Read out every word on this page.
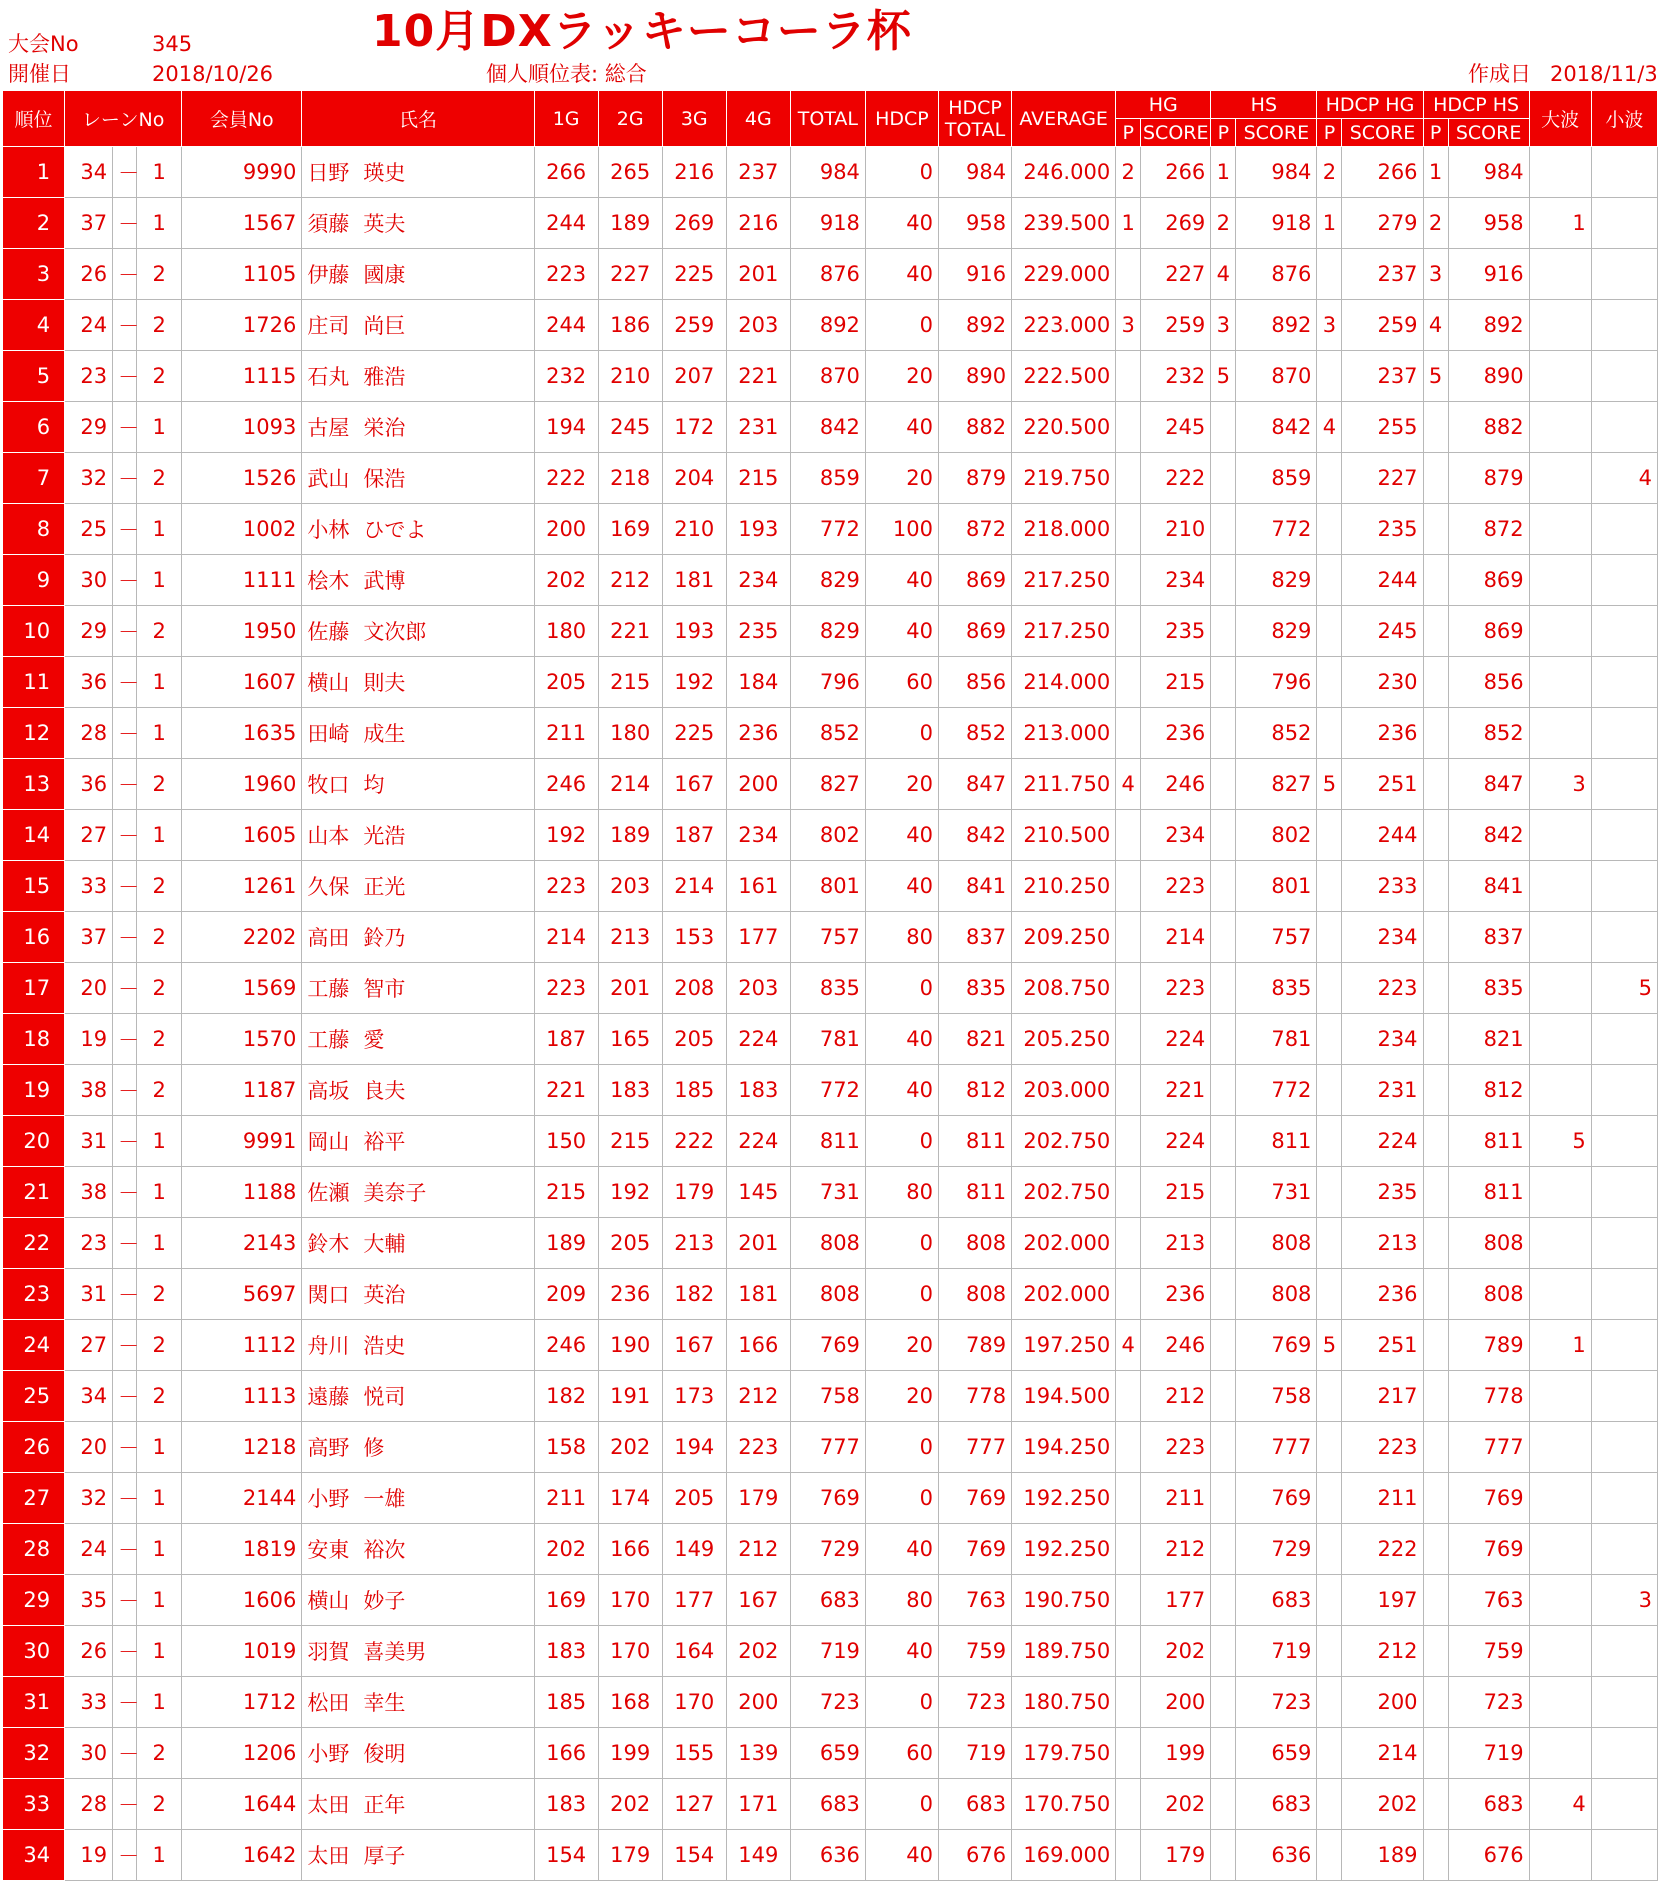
大会No	345
開催日	2018/10/26
10月DXラッキーコーラ杯
個人順位表: 総合	作成日 2018/11/3
順位	レーンNo			会員No	氏名	1G	2G	3G	4G	TOTAL	HDCP	HDCP
TOTAL	AVERAGE	HG		HS		HDCP HG		HDCP HS		大波	小波
														P	SCORE	P	SCORE	P	SCORE	P	SCORE		
1	34	－	1	9990	日野 瑛史	266	265	216	237	984	0	984	246.000	2	266	1	984	2	266	1	984		
2	37	－	1	1567	須藤 英夫	244	189	269	216	918	40	958	239.500	1	269	2	918	1	279	2	958	1	
3	26	－	2	1105	伊藤 國康	223	227	225	201	876	40	916	229.000		227	4	876		237	3	916		
4	24	－	2	1726	庄司 尚巨	244	186	259	203	892	0	892	223.000	3	259	3	892	3	259	4	892		
5	23	－	2	1115	石丸 雅浩	232	210	207	221	870	20	890	222.500		232	5	870		237	5	890		
6	29	－	1	1093	古屋 栄治	194	245	172	231	842	40	882	220.500		245		842	4	255		882		
7	32	－	2	1526	武山 保浩	222	218	204	215	859	20	879	219.750		222		859		227		879		4
8	25	－	1	1002	小林 ひでよ	200	169	210	193	772	100	872	218.000		210		772		235		872		
9	30	－	1	1111	桧木 武博	202	212	181	234	829	40	869	217.250		234		829		244		869		
10	29	－	2	1950	佐藤 文次郎	180	221	193	235	829	40	869	217.250		235		829		245		869		
11	36	－	1	1607	横山 則夫	205	215	192	184	796	60	856	214.000		215		796		230		856		
12	28	－	1	1635	田崎 成生	211	180	225	236	852	0	852	213.000		236		852		236		852		
13	36	－	2	1960	牧口 均	246	214	167	200	827	20	847	211.750	4	246		827	5	251		847	3	
14	27	－	1	1605	山本 光浩	192	189	187	234	802	40	842	210.500		234		802		244		842		
15	33	－	2	1261	久保 正光	223	203	214	161	801	40	841	210.250		223		801		233		841		
16	37	－	2	2202	高田 鈴乃	214	213	153	177	757	80	837	209.250		214		757		234		837		
17	20	－	2	1569	工藤 智市	223	201	208	203	835	0	835	208.750		223		835		223		835		5
18	19	－	2	1570	工藤 愛	187	165	205	224	781	40	821	205.250		224		781		234		821		
19	38	－	2	1187	高坂 良夫	221	183	185	183	772	40	812	203.000		221		772		231		812		
20	31	－	1	9991	岡山 裕平	150	215	222	224	811	0	811	202.750		224		811		224		811	5	
21	38	－	1	1188	佐瀬 美奈子	215	192	179	145	731	80	811	202.750		215		731		235		811		
22	23	－	1	2143	鈴木 大輔	189	205	213	201	808	0	808	202.000		213		808		213		808		
23	31	－	2	5697	関口 英治	209	236	182	181	808	0	808	202.000		236		808		236		808		
24	27	－	2	1112	舟川 浩史	246	190	167	166	769	20	789	197.250	4	246		769	5	251		789	1	
25	34	－	2	1113	遠藤 悦司	182	191	173	212	758	20	778	194.500		212		758		217		778		
26	20	－	1	1218	高野 修	158	202	194	223	777	0	777	194.250		223		777		223		777		
27	32	－	1	2144	小野 一雄	211	174	205	179	769	0	769	192.250		211		769		211		769		
28	24	－	1	1819	安東 裕次	202	166	149	212	729	40	769	192.250		212		729		222		769		
29	35	－	1	1606	横山 妙子	169	170	177	167	683	80	763	190.750		177		683		197		763		3
30	26	－	1	1019	羽賀 喜美男	183	170	164	202	719	40	759	189.750		202		719		212		759		
31	33	－	1	1712	松田 幸生	185	168	170	200	723	0	723	180.750		200		723		200		723		
32	30	－	2	1206	小野 俊明	166	199	155	139	659	60	719	179.750		199		659		214		719		
33	28	－	2	1644	太田 正年	183	202	127	171	683	0	683	170.750		202		683		202		683	4	
34	19	－	1	1642	太田 厚子	154	179	154	149	636	40	676	169.000		179		636		189		676		
